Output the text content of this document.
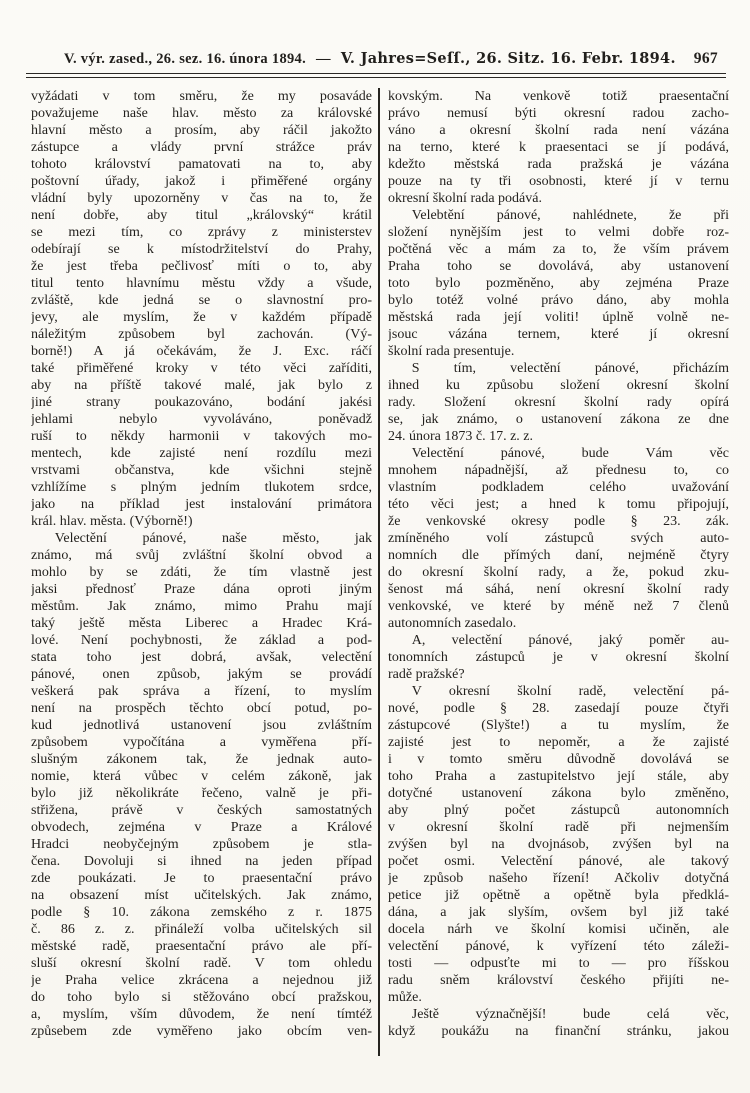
V. výr. zased., 26. sez. 16. února 1894. — V. Jahres=Seſſ., 26. Sitz. 16. Febr. 1894. 967
vyžádati v tom směru, že my posaváde
považujeme naše hlav. město za královské
hlavní město a prosím, aby ráčil jakožto
zástupce a vlády první strážce práv
tohoto království pamatovati na to, aby
poštovní úřady, jakož i přiměřené orgány
vládní byly upozorněny v čas na to, že
není dobře, aby titul „královský“ krátil
se mezi tím, co zprávy z ministerstev
odebírají se k místodržitelství do Prahy,
že jest třeba pečlivosť míti o to, aby
titul tento hlavnímu městu vždy a všude,
zvláště, kde jedná se o slavnostní pro-
jevy, ale myslím, že v každém případě
náležitým způsobem byl zachován. (Vý-
borně!) A já očekávám, že J. Exc. ráčí
také přiměřené kroky v této věci zaříditi,
aby na příště takové malé, jak bylo z
jiné strany poukazováno, bodání jakési
jehlami nebylo vyvoláváno, poněvadž
ruší to někdy harmonii v takových mo-
mentech, kde zajisté není rozdílu mezi
vrstvami občanstva, kde všichni stejně
vzhlížíme s plným jedním tlukotem srdce,
jako na příklad jest instalování primátora
král. hlav. města. (Výborně!)
Velectění pánové, naše město, jak
známo, má svůj zvláštní školní obvod a
mohlo by se zdáti, že tím vlastně jest
jaksi přednosť Praze dána oproti jiným
městům. Jak známo, mimo Prahu mají
taký ještě města Liberec a Hradec Krá-
lové. Není pochybnosti, že základ a pod-
stata toho jest dobrá, avšak, velectění
pánové, onen způsob, jakým se provádí
veškerá pak správa a řízení, to myslím
není na prospěch těchto obcí potud, po-
kud jednotlivá ustanovení jsou zvláštním
způsobem vypočítána a vyměřena pří-
slušným zákonem tak, že jednak auto-
nomie, která vůbec v celém zákoně, jak
bylo již několikráte řečeno, valně je při-
střižena, právě v českých samostatných
obvodech, zejména v Praze a Králové
Hradci neobyčejným způsobem je stla-
čena. Dovoluji si ihned na jeden případ
zde poukázati. Je to praesentační právo
na obsazení míst učitelských. Jak známo,
podle § 10. zákona zemského z r. 1875
č. 86 z. z. přináleží volba učitelských sil
městské radě, praesentační právo ale pří-
sluší okresní školní radě. V tom ohledu
je Praha velice zkrácena a nejednou již
do toho bylo si stěžováno obcí pražskou,
a, myslím, vším důvodem, že není tímtéž
způsebem zde vyměřeno jako obcím ven-
kovským. Na venkově totiž praesentační
právo nemusí býti okresní radou zacho-
váno a okresní školní rada není vázána
na terno, které k praesentaci se jí podává,
kdežto městská rada pražská je vázána
pouze na ty tři osobnosti, které jí v ternu
okresní školní rada podává.
Velebtění pánové, nahlédnete, že při
složení nynějším jest to velmi dobře roz-
počtěná věc a mám za to, že vším právem
Praha toho se dovolává, aby ustanovení
toto bylo pozměněno, aby zejména Praze
bylo totéž volné právo dáno, aby mohla
městská rada její voliti! úplně volně ne-
jsouc vázána ternem, které jí okresní
školní rada presentuje.
S tím, velectění pánové, přicházím
ihned ku způsobu složení okresní školní
rady. Složení okresní školní rady opírá
se, jak známo, o ustanovení zákona ze dne
24. února 1873 č. 17. z. z.
Velectění pánové, bude Vám věc
mnohem nápadnější, až přednesu to, co
vlastním podkladem celého uvažování
této věci jest; a hned k tomu připojují,
že venkovské okresy podle § 23. zák.
zmíněného volí zástupců svých auto-
nomních dle přímých daní, nejméně čtyry
do okresní školní rady, a že, pokud zku-
šenost má sáhá, není okresní školní rady
venkovské, ve které by méně než 7 členů
autonomních zasedalo.
A, velectění pánové, jaký poměr au-
tonomních zástupců je v okresní školní
radě pražské?
V okresní školní radě, velectění pá-
nové, podle § 28. zasedají pouze čtyři
zástupcové (Slyšte!) a tu myslím, že
zajisté jest to nepoměr, a že zajisté
i v tomto směru důvodně dovolává se
toho Praha a zastupitelstvo její stále, aby
dotyčné ustanovení zákona bylo změněno,
aby plný počet zástupců autonomních
v okresní školní radě při nejmenším
zvýšen byl na dvojnásob, zvýšen byl na
počet osmi. Velectění pánové, ale takový
je způsob našeho řízení! Ačkoliv dotyčná
petice již opětně a opětně byla předklá-
dána, a jak slyším, ovšem byl již také
docela nárh ve školní komisi učiněn, ale
velectění pánové, k vyřízení této záleži-
tosti — odpusťte mi to — pro říšskou
radu sněm království českého přijíti ne-
může.
Ještě význačnější! bude celá věc,
když poukážu na finanční stránku, jakou
